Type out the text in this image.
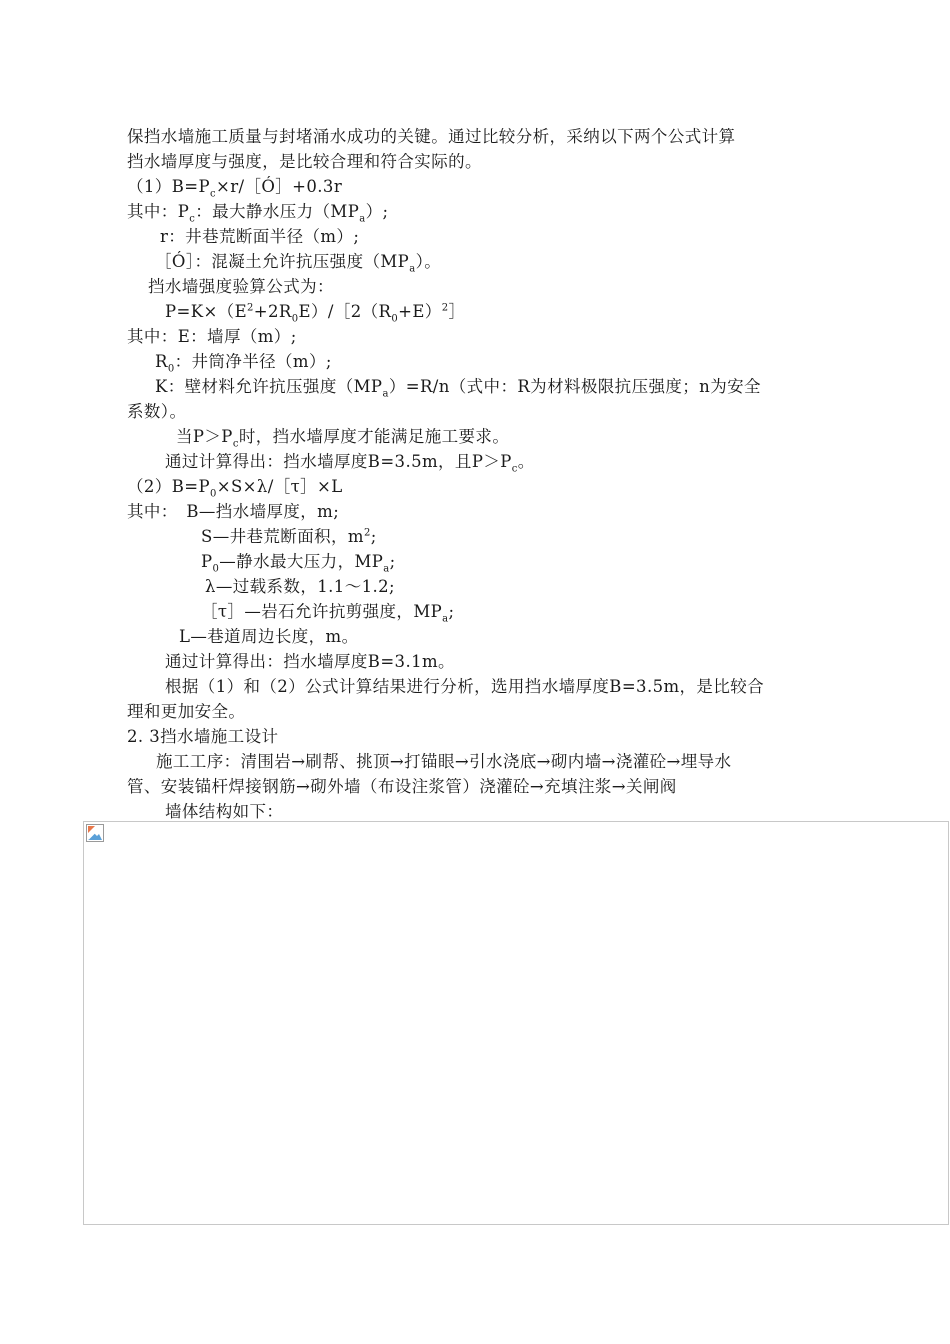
保挡水墙施工质量与封堵涌水成功的关键。通过比较分析，采纳以下两个公式计算
挡水墙厚度与强度，是比较合理和符合实际的。
$(1)B=P_c\times r/[Ó]+0.3r$
其中：$P_c$：最大静水压力$(MP_a)$;
r：井巷荒断面半径（m）;
［Ó］：混凝土允许抗压强度$(MP_a)$。
挡水墙强度验算公式为：
$P=K\times(E^2+2R_0E)/[2(R_0+E)^2]$
其中：E：墙厚（m）;
$R_0$：井筒净半径（m）;
K：壁材料允许抗压强度$(MP_a)=R/n$（式中：R为材料极限抗压强度；n为安全
系数）。
当$P>P_c$时，挡水墙厚度才能满足施工要求。
通过计算得出：挡水墙厚度B=3.5m，且$P>P_c$。
$(2)B=P_0\times S\times\lambda/[\tau]\times L$
其中：　B—挡水墙厚度，m;
S—井巷荒断面积，$m^2$;
$P_0—$静水最大压力，$MP_a$;
λ—过载系数，1.1～1.2;
［τ］—岩石允许抗剪强度，$MP_a$;
L—巷道周边长度，m。
通过计算得出：挡水墙厚度B=3.1m。
根据（1）和（2）公式计算结果进行分析，选用挡水墙厚度B=3.5m，是比较合
理和更加安全。
2. 3挡水墙施工设计
施工工序：清围岩→刷帮、挑顶→打锚眼→引水浇底→砌内墙→浇灌砼→埋导水
管、安装锚杆焊接钢筋→砌外墙（布设注浆管）浇灌砼→充填注浆→关闸阀
墙体结构如下：
